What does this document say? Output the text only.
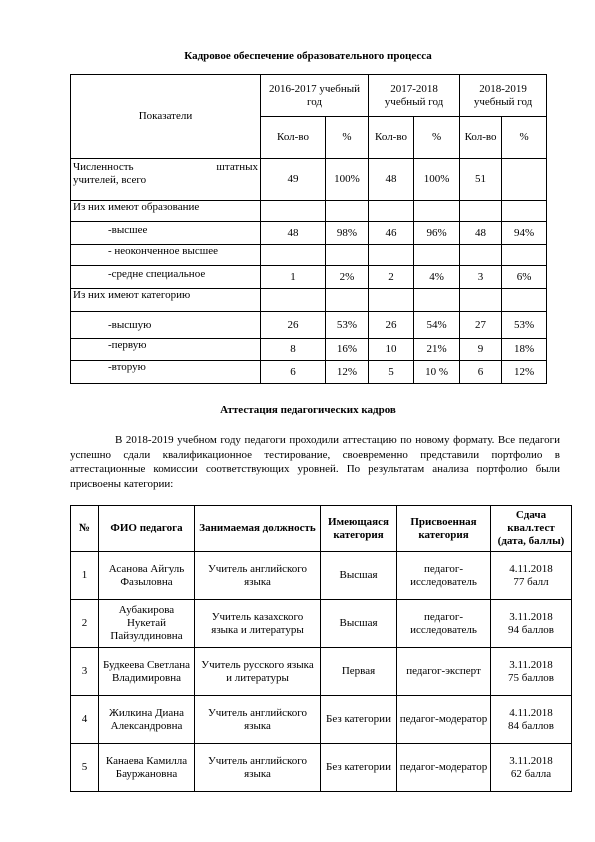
Кадровое обеспечение образовательного процесса
Показатели	2016-2017 учебный год		2017-2018 учебный год		2018-2019 учебный год	
	Кол-во	%	Кол-во	%	Кол-во	%

Численность штатных
учителей, всего	49	100%	48	100%	51	
Из них имеют образование						
-высшее	48	98%	46	96%	48	94%
- неоконченное высшее						
-средне специальное	1	2%	2	4%	3	6%
Из них имеют категорию						
-высшую	26	53%	26	54%	27	53%
-первую	8	16%	10	21%	9	18%
-вторую	6	12%	5	10 %	6	12%
Аттестация педагогических кадров

В 2018-2019 учебном году педагоги проходили аттестацию по новому формату. Все педагоги успешно сдали квалификационное тестирование, своевременно представили портфолио в аттестационные комиссии соответствующих уровней. По результатам анализа портфолио были присвоены категории:

№	ФИО педагога	Занимаемая должность	Имеющаяся категория	Присвоенная категория	Сдача квал.тест (дата, баллы)
1	Асанова Айгуль Фазыловна	Учитель английского языка	Высшая	педагог-исследователь	4.11.2018
77 балл

2	Аубакирова Нукетай Пайзулдиновна	Учитель казахского языка и литературы	Высшая	педагог-исследователь	3.11.2018
94 баллов

3	Будкеева Светлана Владимировна	Учитель русского языка и литературы	Первая	педагог-эксперт	3.11.2018
75 баллов

4	Жилкина Диана Александровна	Учитель английского языка	Без категории	педагог-модератор	4.11.2018
84 баллов

5	Канаева Камилла Бауржановна	Учитель английского языка	Без категории	педагог-модератор	3.11.2018
62 балла
